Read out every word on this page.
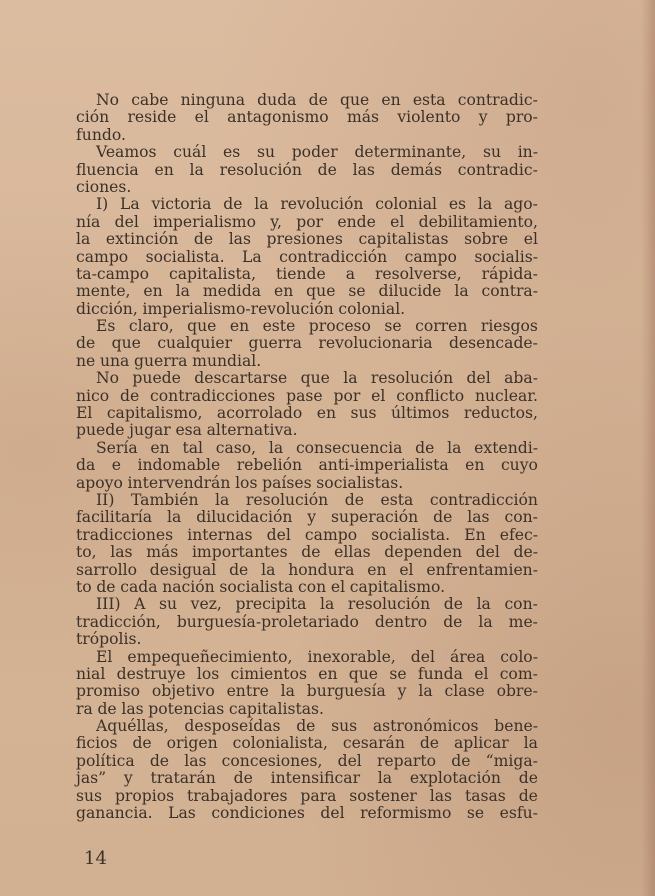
No cabe ninguna duda de que en esta contradic-
ción reside el antagonismo más violento y pro-
fundo.
Veamos cuál es su poder determinante, su in-
fluencia en la resolución de las demás contradic-
ciones.
I) La victoria de la revolución colonial es la ago-
nía del imperialismo y, por ende el debilitamiento,
la extinción de las presiones capitalistas sobre el
campo socialista. La contradicción campo socialis-
ta-campo capitalista, tiende a resolverse, rápida-
mente, en la medida en que se dilucide la contra-
dicción, imperialismo-revolución colonial.
Es claro, que en este proceso se corren riesgos
de que cualquier guerra revolucionaria desencade-
ne una guerra mundial.
No puede descartarse que la resolución del aba-
nico de contradicciones pase por el conflicto nuclear.
El capitalismo, acorrolado en sus últimos reductos,
puede jugar esa alternativa.
Sería en tal caso, la consecuencia de la extendi-
da e indomable rebelión anti-imperialista en cuyo
apoyo intervendrán los países socialistas.
II) También la resolución de esta contradicción
facilitaría la dilucidación y superación de las con-
tradicciones internas del campo socialista. En efec-
to, las más importantes de ellas dependen del de-
sarrollo desigual de la hondura en el enfrentamien-
to de cada nación socialista con el capitalismo.
III) A su vez, precipita la resolución de la con-
tradicción, burguesía-proletariado dentro de la me-
trópolis.
El empequeñecimiento, inexorable, del área colo-
nial destruye los cimientos en que se funda el com-
promiso objetivo entre la burguesía y la clase obre-
ra de las potencias capitalistas.
Aquéllas, desposeídas de sus astronómicos bene-
ficios de origen colonialista, cesarán de aplicar la
política de las concesiones, del reparto de “miga-
jas” y tratarán de intensificar la explotación de
sus propios trabajadores para sostener las tasas de
ganancia. Las condiciones del reformismo se esfu-
14
